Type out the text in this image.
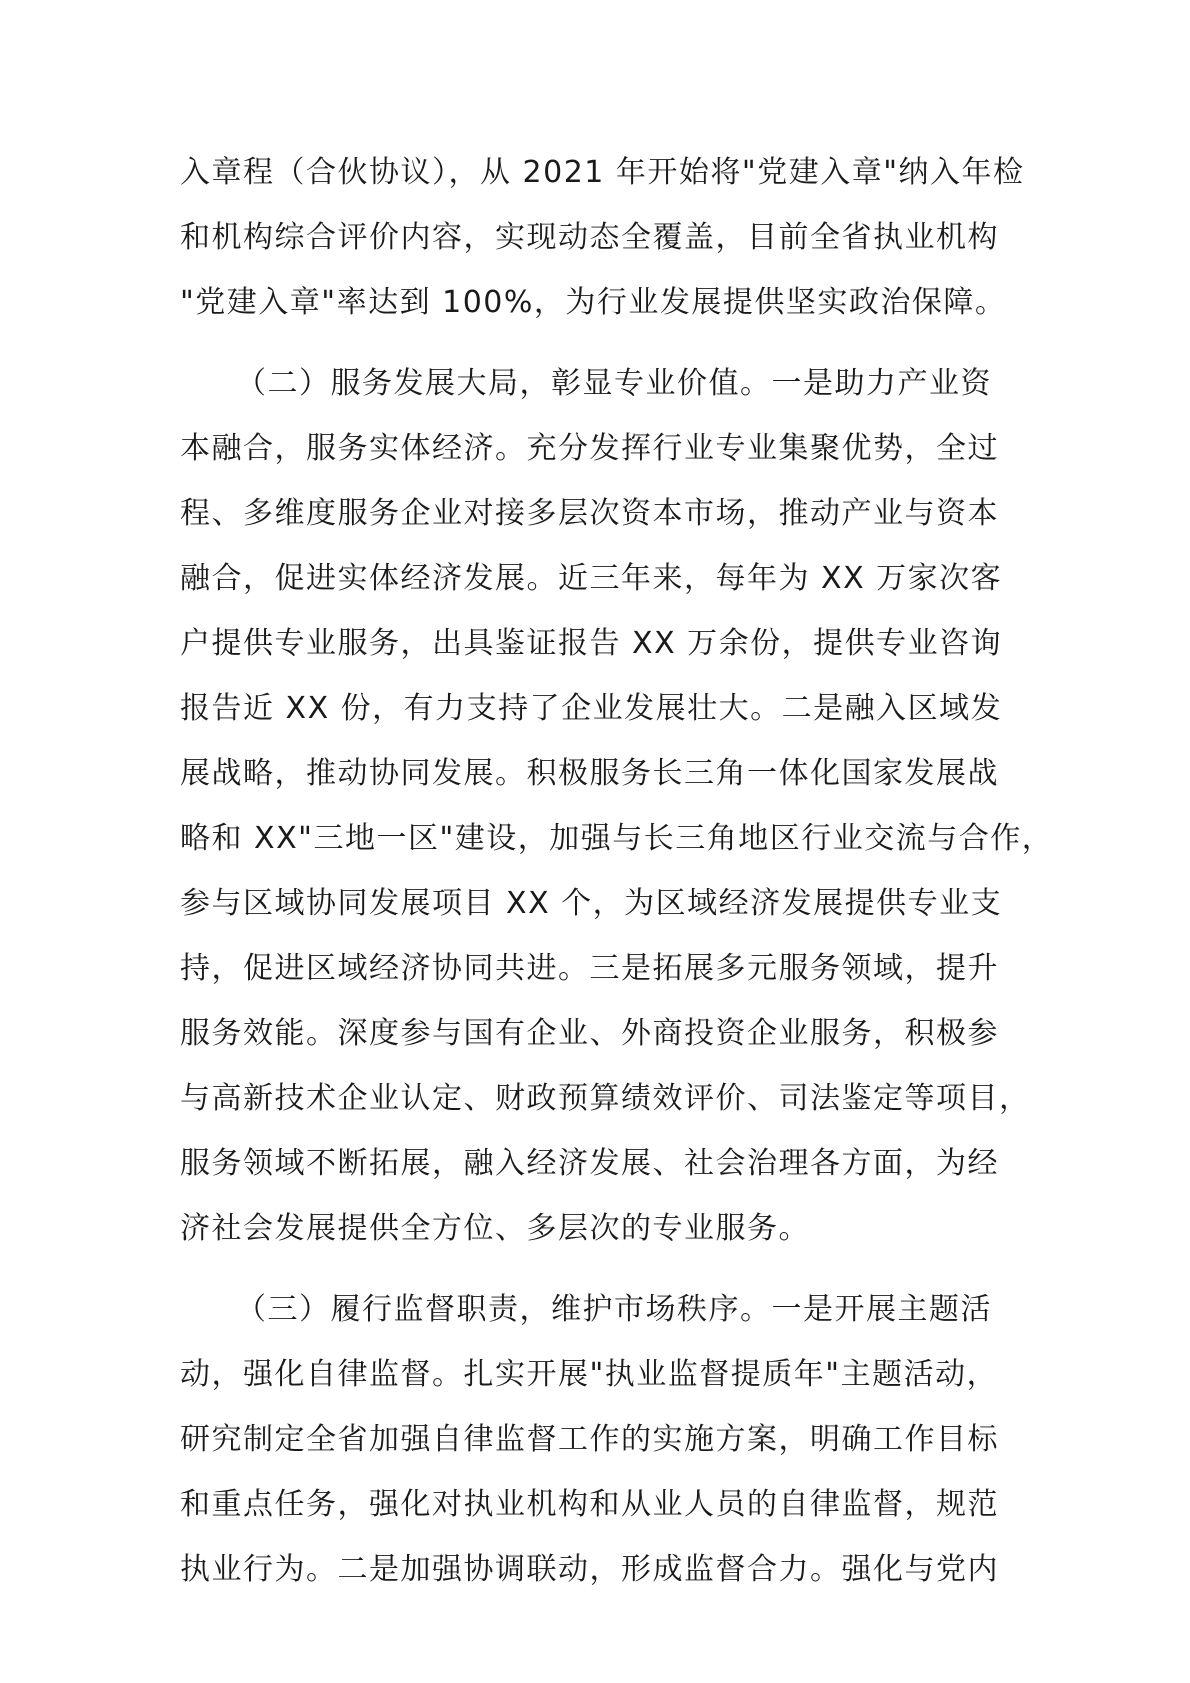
入章程（合伙协议），从 2021 年开始将"党建入章"纳入年检
和机构综合评价内容，实现动态全覆盖，目前全省执业机构
"党建入章"率达到 100%，为行业发展提供坚实政治保障。
（二）服务发展大局，彰显专业价值。一是助力产业资
本融合，服务实体经济。充分发挥行业专业集聚优势，全过
程、多维度服务企业对接多层次资本市场，推动产业与资本
融合，促进实体经济发展。近三年来，每年为 XX 万家次客
户提供专业服务，出具鉴证报告 XX 万余份，提供专业咨询
报告近 XX 份，有力支持了企业发展壮大。二是融入区域发
展战略，推动协同发展。积极服务长三角一体化国家发展战
略和 XX"三地一区"建设，加强与长三角地区行业交流与合作，
参与区域协同发展项目 XX 个，为区域经济发展提供专业支
持，促进区域经济协同共进。三是拓展多元服务领域，提升
服务效能。深度参与国有企业、外商投资企业服务，积极参
与高新技术企业认定、财政预算绩效评价、司法鉴定等项目，
服务领域不断拓展，融入经济发展、社会治理各方面，为经
济社会发展提供全方位、多层次的专业服务。
（三）履行监督职责，维护市场秩序。一是开展主题活
动，强化自律监督。扎实开展"执业监督提质年"主题活动，
研究制定全省加强自律监督工作的实施方案，明确工作目标
和重点任务，强化对执业机构和从业人员的自律监督，规范
执业行为。二是加强协调联动，形成监督合力。强化与党内
